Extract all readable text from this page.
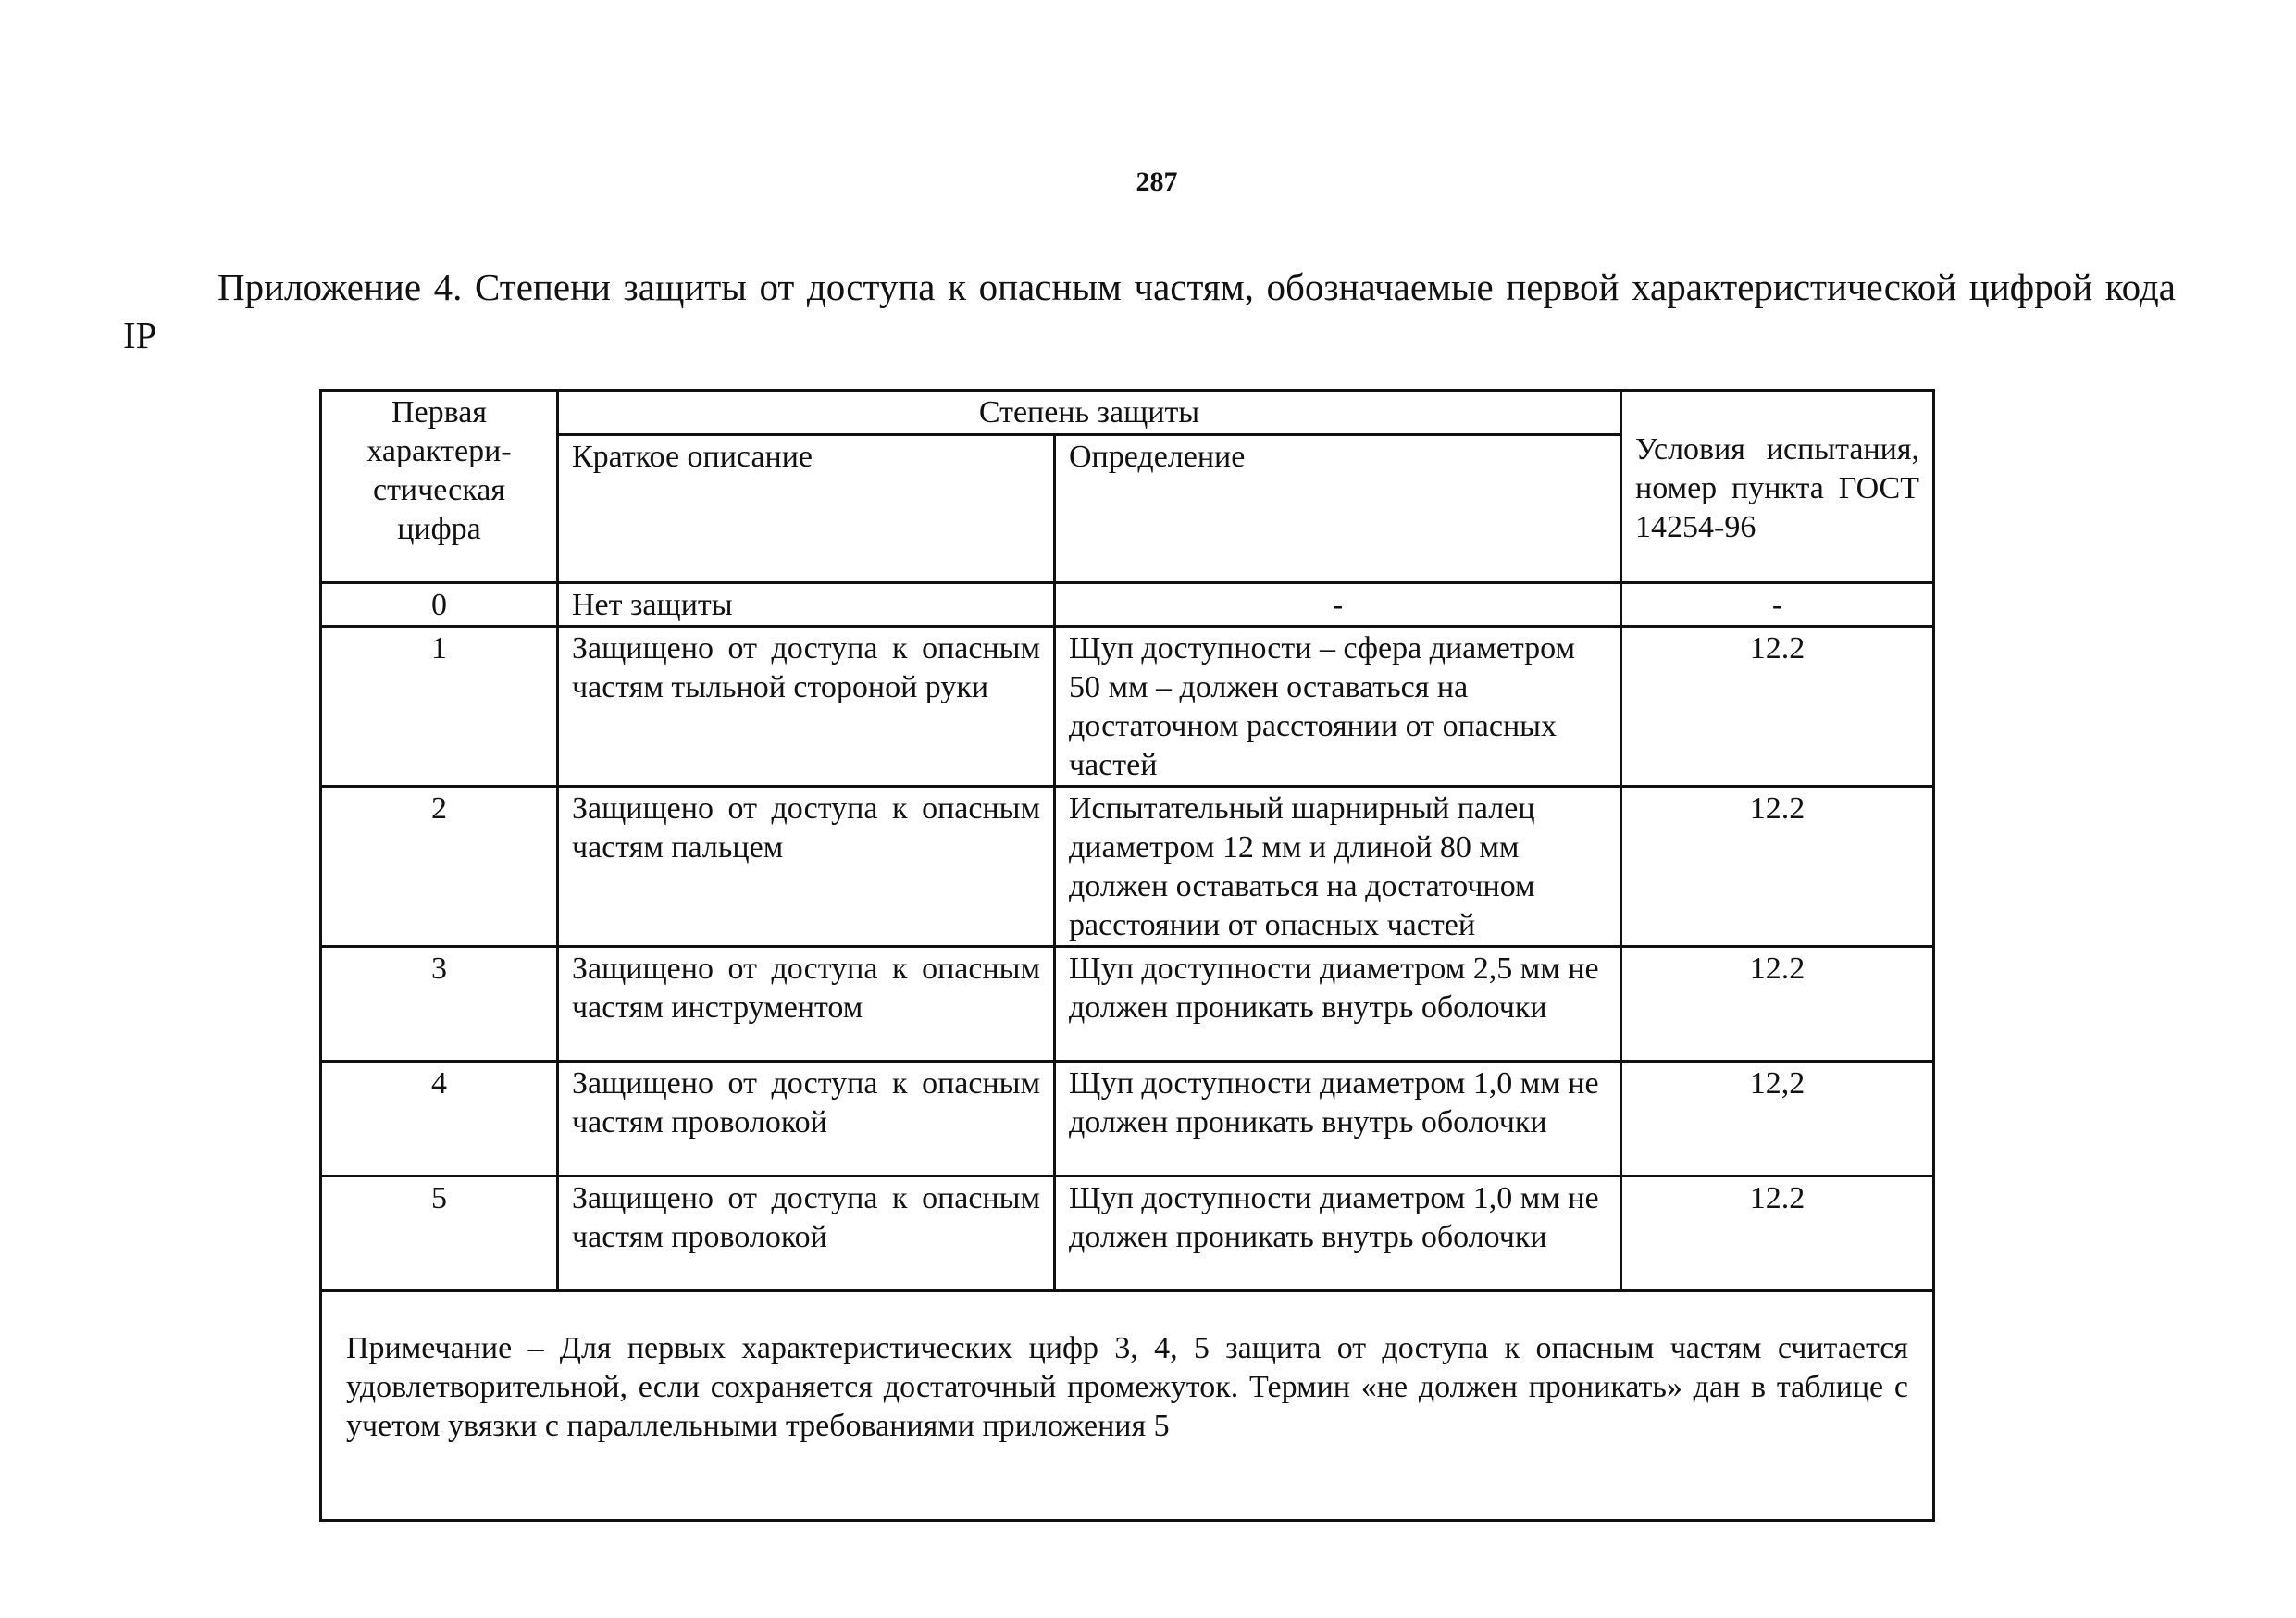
287
Приложение 4. Степени защиты от доступа к опасным частям, обозначаемые первой характеристической цифрой кода IP
Первая характери-стическая цифра	Степень защиты		Условия испытания, номер пункта ГОСТ 14254-96
	Краткое описание	Определение	
0	Нет защиты	-	-
1	Защищено от доступа к опасным частям тыльной стороной руки	Щуп доступности – сфера диаметром 50 мм – должен оставаться на достаточном расстоянии от опасных частей	12.2
2	Защищено от доступа к опасным частям пальцем	Испытательный шарнирный палец диаметром 12 мм и длиной 80 мм должен оставаться на достаточном расстоянии от опасных частей	12.2
3	Защищено от доступа к опасным частям инструментом	Щуп доступности диаметром 2,5 мм не должен проникать внутрь оболочки	12.2
4	Защищено от доступа к опасным частям проволокой	Щуп доступности диаметром 1,0 мм не должен проникать внутрь оболочки	12,2
5	Защищено от доступа к опасным частям проволокой	Щуп доступности диаметром 1,0 мм не должен проникать внутрь оболочки	12.2
Примечание – Для первых характеристических цифр 3, 4, 5 защита от доступа к опасным частям считается удовлетворительной, если сохраняется достаточный промежуток. Термин «не должен проникать» дан в таблице с учетом увязки с параллельными требованиями приложения 5			
